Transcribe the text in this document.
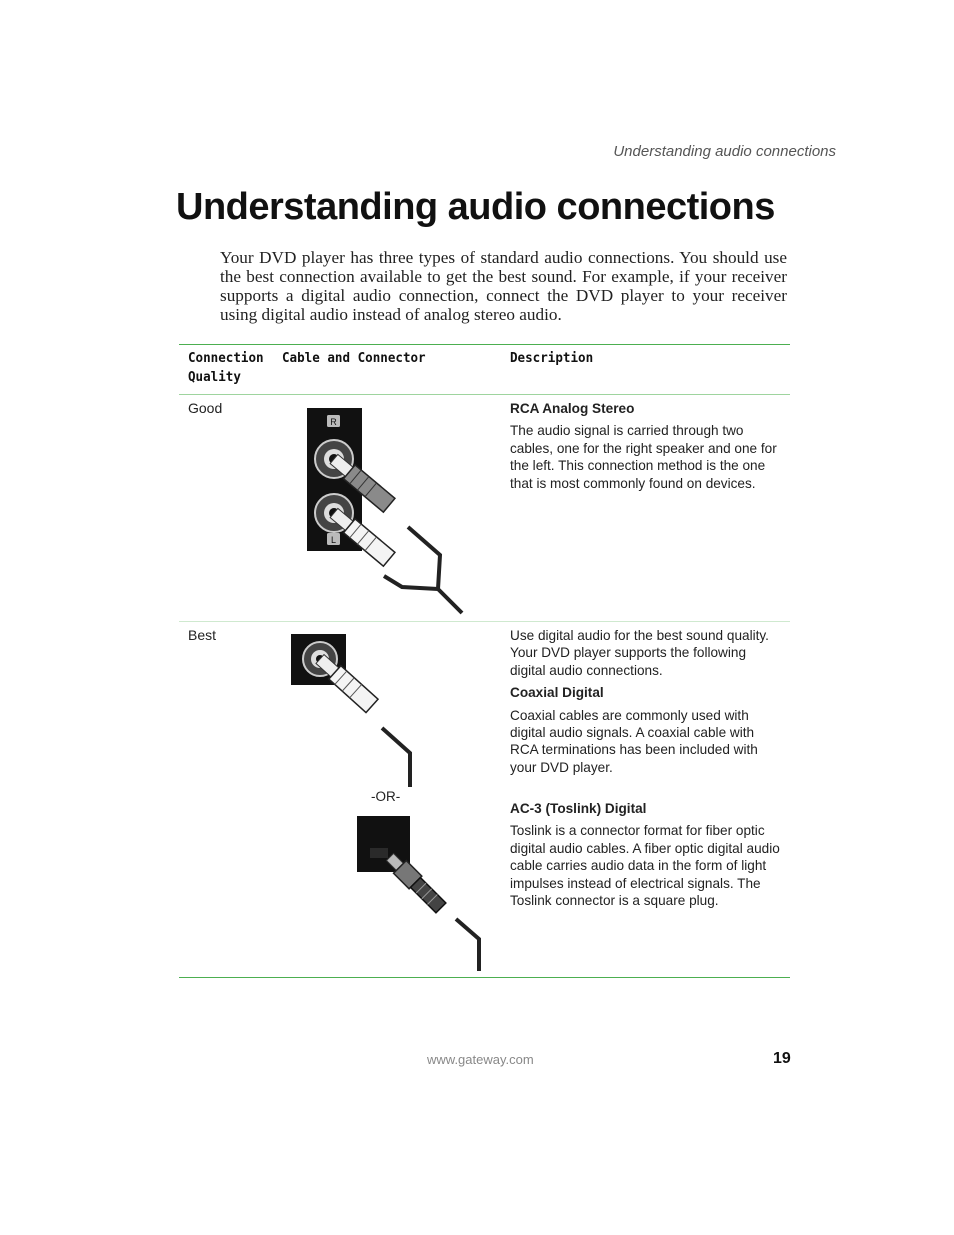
Understanding audio connections
Understanding audio connections

Your DVD player has three types of standard audio connections. You should use the best connection available to get the best sound. For example, if your receiver supports a digital audio connection, connect the DVD player to your receiver using digital audio instead of analog stereo audio.

Connection Quality
Cable and Connector	Description
Good
R
L
RCA Analog Stereo

The audio signal is carried through two cables, one for the right speaker and one for the left. This connection method is the one that is most commonly found on devices.

Best
-OR-

Use digital audio for the best sound quality. Your DVD player supports the following digital audio connections.

Coaxial Digital

Coaxial cables are commonly used with digital audio signals. A coaxial cable with RCA terminations has been included with your DVD player.

AC-3 (Toslink) Digital

Toslink is a connector format for fiber optic digital audio cables. A fiber optic digital audio cable carries audio data in the form of light impulses instead of electrical signals. The Toslink connector is a square plug.

www.gateway.com	19
